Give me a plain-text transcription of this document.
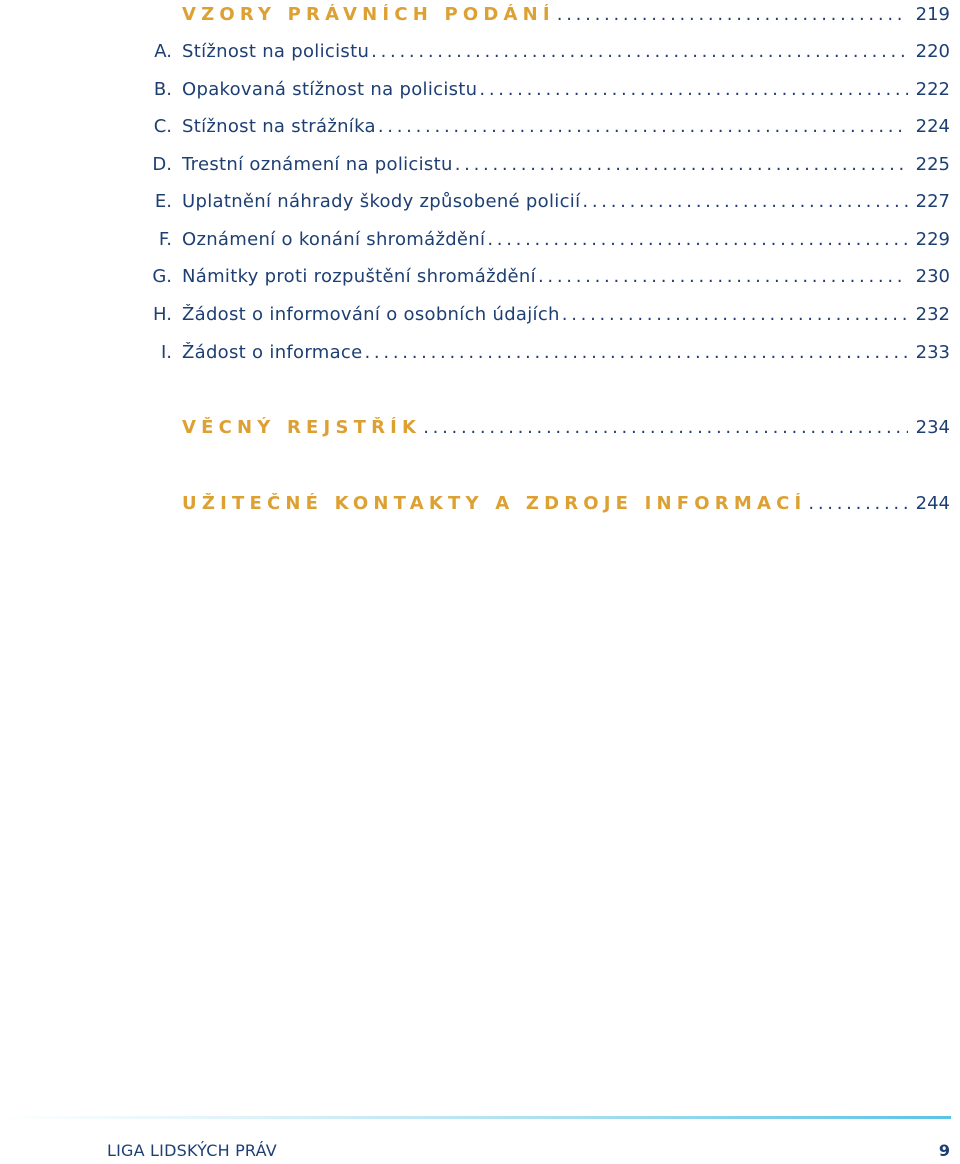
VZORY PRÁVNÍCH PODÁNÍ . . .	219
A. Stížnost na policistu . . .	220
B. Opakovaná stížnost na policistu . . .	222
C. Stížnost na strážníka . . .	224
D. Trestní oznámení na policistu . . .	225
E. Uplatnění náhrady škody způsobené policií . . .	227
F. Oznámení o konání shromáždění . . .	229
G. Námitky proti rozpuštění shromáždění . . .	230
H. Žádost o informování o osobních údajích . . .	232
I. Žádost o informace . . .	233
VĚCNÝ REJSTŘÍK . . .	234
UŽITEČNÉ KONTAKTY A ZDROJE INFORMACÍ . . .	244
LIGA LIDSKÝCH PRÁV	9
